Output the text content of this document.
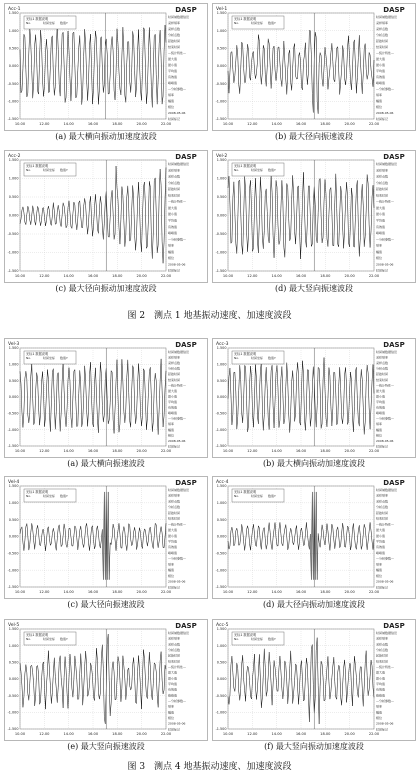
Acc-1
10.00	12.00	14.00	16.00	18.00	20.00	22.00
1.500
1.000
0.500
0.000
-0.500
-1.000
-1.500
光标1 数据说明
No.	时间坐标	数值Y
DASP
时间域数据信息
采样频率
采样点数
分析点数
起始时间
结束时间
—统计特性—
最大值
最小值
平均值
有效值
峰峰值
—分析参数—
频率
幅值
相位
2008-05-06
时间标记
(a) 最大横向振动加速度波段
Vel-1
10.00	12.00	14.00	16.00	18.00	20.00	22.00
1.500
1.000
0.500
0.000
-0.500
-1.000
-1.500
光标1 数据说明
No.	时间坐标	数值Y
DASP
时间域数据信息
采样频率
采样点数
分析点数
起始时间
结束时间
—统计特性—
最大值
最小值
平均值
有效值
峰峰值
—分析参数—
频率
幅值
相位
2008-05-06
时间标记
(b) 最大径向振速波段
Acc-2
10.00	12.00	14.00	16.00	18.00	20.00	22.00
1.500
1.000
0.500
0.000
-0.500
-1.000
-1.500
光标1 数据说明
No.	时间坐标	数值Y
DASP
时间域数据信息
采样频率
采样点数
分析点数
起始时间
结束时间
—统计特性—
最大值
最小值
平均值
有效值
峰峰值
—分析参数—
频率
幅值
相位
2008-05-06
时间标记
(c) 最大径向振动加速度波段
Vel-2
10.00	12.00	14.00	16.00	18.00	20.00	22.00
1.500
1.000
0.500
0.000
-0.500
-1.000
-1.500
光标1 数据说明
No.	时间坐标	数值Y
DASP
时间域数据信息
采样频率
采样点数
分析点数
起始时间
结束时间
—统计特性—
最大值
最小值
平均值
有效值
峰峰值
—分析参数—
频率
幅值
相位
2008-05-06
时间标记
(d) 最大竖向振速波段
图 2　测点 1 地基振动速度、加速度波段
Vel-3
10.00	12.00	14.00	16.00	18.00	20.00	22.00
1.500
1.000
0.500
0.000
-0.500
-1.000
-1.500
光标1 数据说明
No.	时间坐标	数值Y
DASP
时间域数据信息
采样频率
采样点数
分析点数
起始时间
结束时间
—统计特性—
最大值
最小值
平均值
有效值
峰峰值
—分析参数—
频率
幅值
相位
2008-05-06
时间标记
(a) 最大横向振速波段
Acc-3
10.00	12.00	14.00	16.00	18.00	20.00	22.00
1.500
1.000
0.500
0.000
-0.500
-1.000
-1.500
光标1 数据说明
No.	时间坐标	数值Y
DASP
时间域数据信息
采样频率
采样点数
分析点数
起始时间
结束时间
—统计特性—
最大值
最小值
平均值
有效值
峰峰值
—分析参数—
频率
幅值
相位
2008-05-06
时间标记
(b) 最大横向振动加速度波段
Vel-4
10.00	12.00	14.00	16.00	18.00	20.00	22.00
1.500
1.000
0.500
0.000
-0.500
-1.000
-1.500
光标1 数据说明
No.	时间坐标	数值Y
DASP
时间域数据信息
采样频率
采样点数
分析点数
起始时间
结束时间
—统计特性—
最大值
最小值
平均值
有效值
峰峰值
—分析参数—
频率
幅值
相位
2008-05-06
时间标记
(c) 最大径向振速波段
Acc-4
10.00	12.00	14.00	16.00	18.00	20.00	22.00
1.500
1.000
0.500
0.000
-0.500
-1.000
-1.500
光标1 数据说明
No.	时间坐标	数值Y
DASP
时间域数据信息
采样频率
采样点数
分析点数
起始时间
结束时间
—统计特性—
最大值
最小值
平均值
有效值
峰峰值
—分析参数—
频率
幅值
相位
2008-05-06
时间标记
(d) 最大径向振动加速度波段
Vel-5
10.00	12.00	14.00	16.00	18.00	20.00	22.00
1.500
1.000
0.500
0.000
-0.500
-1.000
-1.500
光标1 数据说明
No.	时间坐标	数值Y
DASP
时间域数据信息
采样频率
采样点数
分析点数
起始时间
结束时间
—统计特性—
最大值
最小值
平均值
有效值
峰峰值
—分析参数—
频率
幅值
相位
2008-05-06
时间标记
(e) 最大竖向振速波段
Acc-5
10.00	12.00	14.00	16.00	18.00	20.00	22.00
1.500
1.000
0.500
0.000
-0.500
-1.000
-1.500
光标1 数据说明
No.	时间坐标	数值Y
DASP
时间域数据信息
采样频率
采样点数
分析点数
起始时间
结束时间
—统计特性—
最大值
最小值
平均值
有效值
峰峰值
—分析参数—
频率
幅值
相位
2008-05-06
时间标记
(f) 最大竖向振动加速度波段
图 3　测点 4 地基振动速度、加速度波段
